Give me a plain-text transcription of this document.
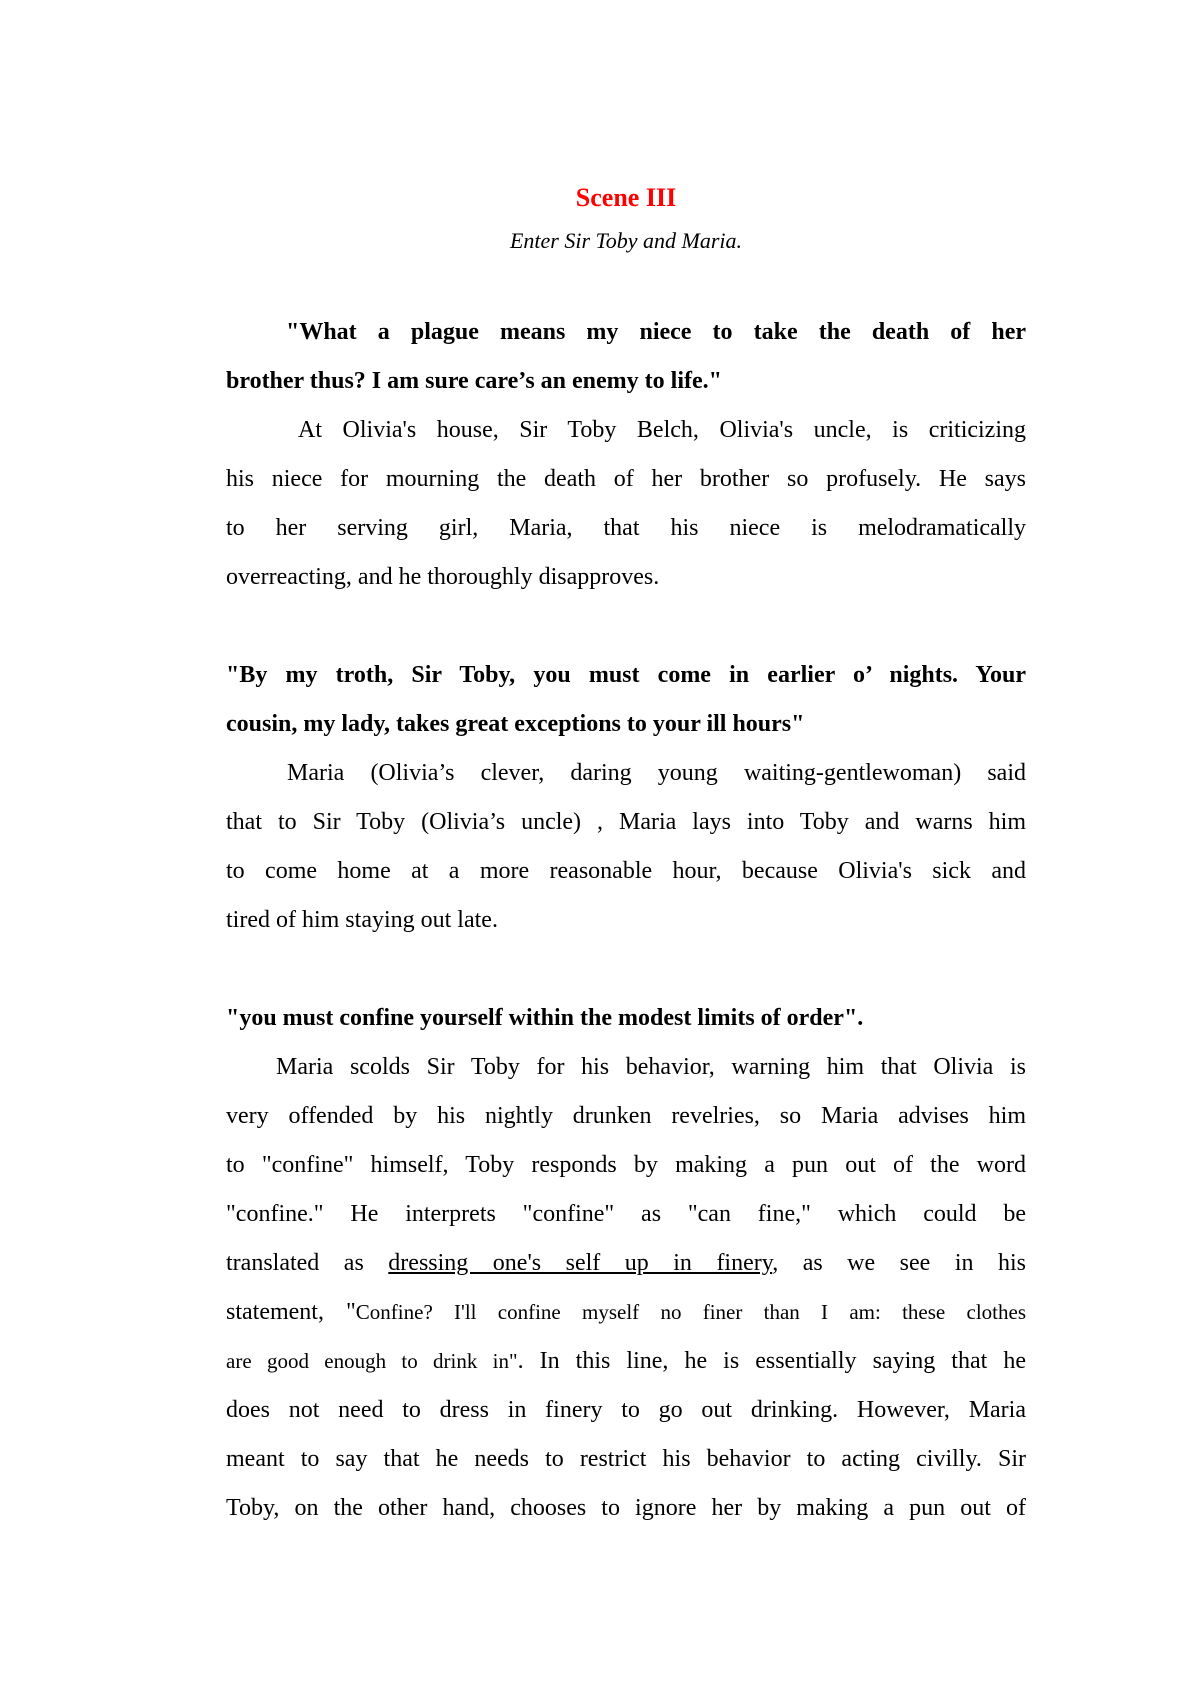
Scene III
Enter Sir Toby and Maria.
"What a plague means my niece to take the death of her
brother thus? I am sure care’s an enemy to life."
At Olivia's house, Sir Toby Belch, Olivia's uncle, is criticizing
his niece for mourning the death of her brother so profusely. He says
to her serving girl, Maria, that his niece is melodramatically
overreacting, and he thoroughly disapproves.
"By my troth, Sir Toby, you must come in earlier o’ nights. Your
cousin, my lady, takes great exceptions to your ill hours"
Maria (Olivia’s clever, daring young waiting-gentlewoman) said
that to Sir Toby (Olivia’s uncle) , Maria lays into Toby and warns him
to come home at a more reasonable hour, because Olivia's sick and
tired of him staying out late.
"you must confine yourself within the modest limits of order".
Maria scolds Sir Toby for his behavior, warning him that Olivia is
very offended by his nightly drunken revelries, so Maria advises him
to "confine" himself, Toby responds by making a pun out of the word
"confine." He interprets "confine" as "can fine," which could be
translated as dressing one's self up in finery, as we see in his
statement, "Confine? I'll confine myself no finer than I am: these clothes
are good enough to drink in". In this line, he is essentially saying that he
does not need to dress in finery to go out drinking. However, Maria
meant to say that he needs to restrict his behavior to acting civilly. Sir
Toby, on the other hand, chooses to ignore her by making a pun out of
